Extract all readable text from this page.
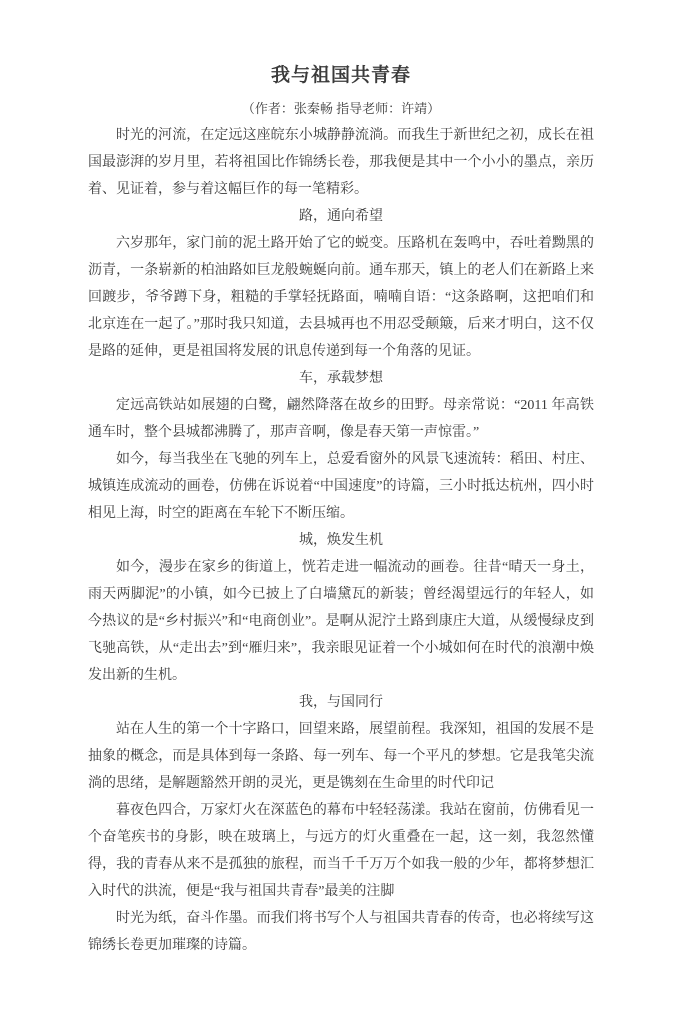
我与祖国共青春
（作者：张秦畅 指导老师：许靖）

时光的河流，在定远这座皖东小城静静流淌。而我生于新世纪之初，成长在祖国最澎湃的岁月里，若将祖国比作锦绣长卷，那我便是其中一个小小的墨点，亲历着、见证着，参与着这幅巨作的每一笔精彩。

路，通向希望

六岁那年，家门前的泥土路开始了它的蜕变。压路机在轰鸣中，吞吐着黝黑的沥青，一条崭新的柏油路如巨龙般蜿蜒向前。通车那天，镇上的老人们在新路上来回踱步，爷爷蹲下身，粗糙的手掌轻抚路面，喃喃自语：“这条路啊，这把咱们和北京连在一起了。”那时我只知道，去县城再也不用忍受颠簸，后来才明白，这不仅是路的延伸，更是祖国将发展的讯息传递到每一个角落的见证。

车，承载梦想

定远高铁站如展翅的白鹭，翩然降落在故乡的田野。母亲常说：“2011 年高铁通车时，整个县城都沸腾了，那声音啊，像是春天第一声惊雷。”

如今，每当我坐在飞驰的列车上，总爱看窗外的风景飞速流转：稻田、村庄、城镇连成流动的画卷，仿佛在诉说着“中国速度”的诗篇，三小时抵达杭州，四小时相见上海，时空的距离在车轮下不断压缩。

城，焕发生机

如今，漫步在家乡的街道上，恍若走进一幅流动的画卷。往昔“晴天一身土，雨天两脚泥”的小镇，如今已披上了白墙黛瓦的新装；曾经渴望远行的年轻人，如今热议的是“乡村振兴”和“电商创业”。是啊从泥泞土路到康庄大道，从缓慢绿皮到飞驰高铁，从“走出去”到“雁归来”，我亲眼见证着一个小城如何在时代的浪潮中焕发出新的生机。

我，与国同行

站在人生的第一个十字路口，回望来路，展望前程。我深知，祖国的发展不是抽象的概念，而是具体到每一条路、每一列车、每一个平凡的梦想。它是我笔尖流淌的思绪，是解题豁然开朗的灵光，更是镌刻在生命里的时代印记

暮夜色四合，万家灯火在深蓝色的幕布中轻轻荡漾。我站在窗前，仿佛看见一个奋笔疾书的身影，映在玻璃上，与远方的灯火重叠在一起，这一刻，我忽然懂得，我的青春从来不是孤独的旅程，而当千千万万个如我一般的少年，都将梦想汇入时代的洪流，便是“我与祖国共青春”最美的注脚

时光为纸，奋斗作墨。而我们将书写个人与祖国共青春的传奇，也必将续写这锦绣长卷更加璀璨的诗篇。
